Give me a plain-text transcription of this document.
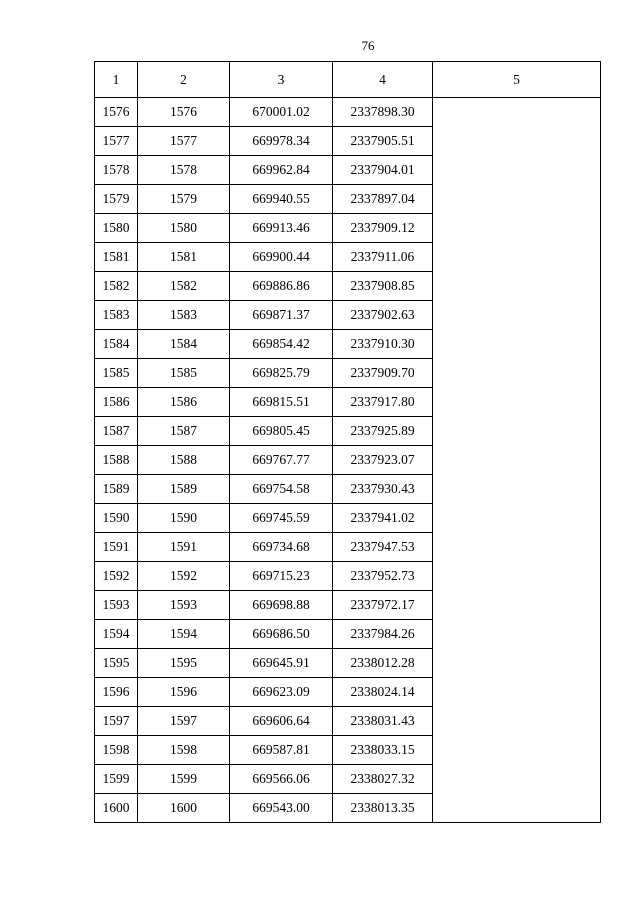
76
1	2	3	4	5
1576	1576	670001.02	2337898.30	
1577	1577	669978.34	2337905.51	
1578	1578	669962.84	2337904.01	
1579	1579	669940.55	2337897.04	
1580	1580	669913.46	2337909.12	
1581	1581	669900.44	2337911.06	
1582	1582	669886.86	2337908.85	
1583	1583	669871.37	2337902.63	
1584	1584	669854.42	2337910.30	
1585	1585	669825.79	2337909.70	
1586	1586	669815.51	2337917.80	
1587	1587	669805.45	2337925.89	
1588	1588	669767.77	2337923.07	
1589	1589	669754.58	2337930.43	
1590	1590	669745.59	2337941.02	
1591	1591	669734.68	2337947.53	
1592	1592	669715.23	2337952.73	
1593	1593	669698.88	2337972.17	
1594	1594	669686.50	2337984.26	
1595	1595	669645.91	2338012.28	
1596	1596	669623.09	2338024.14	
1597	1597	669606.64	2338031.43	
1598	1598	669587.81	2338033.15	
1599	1599	669566.06	2338027.32	
1600	1600	669543.00	2338013.35	
